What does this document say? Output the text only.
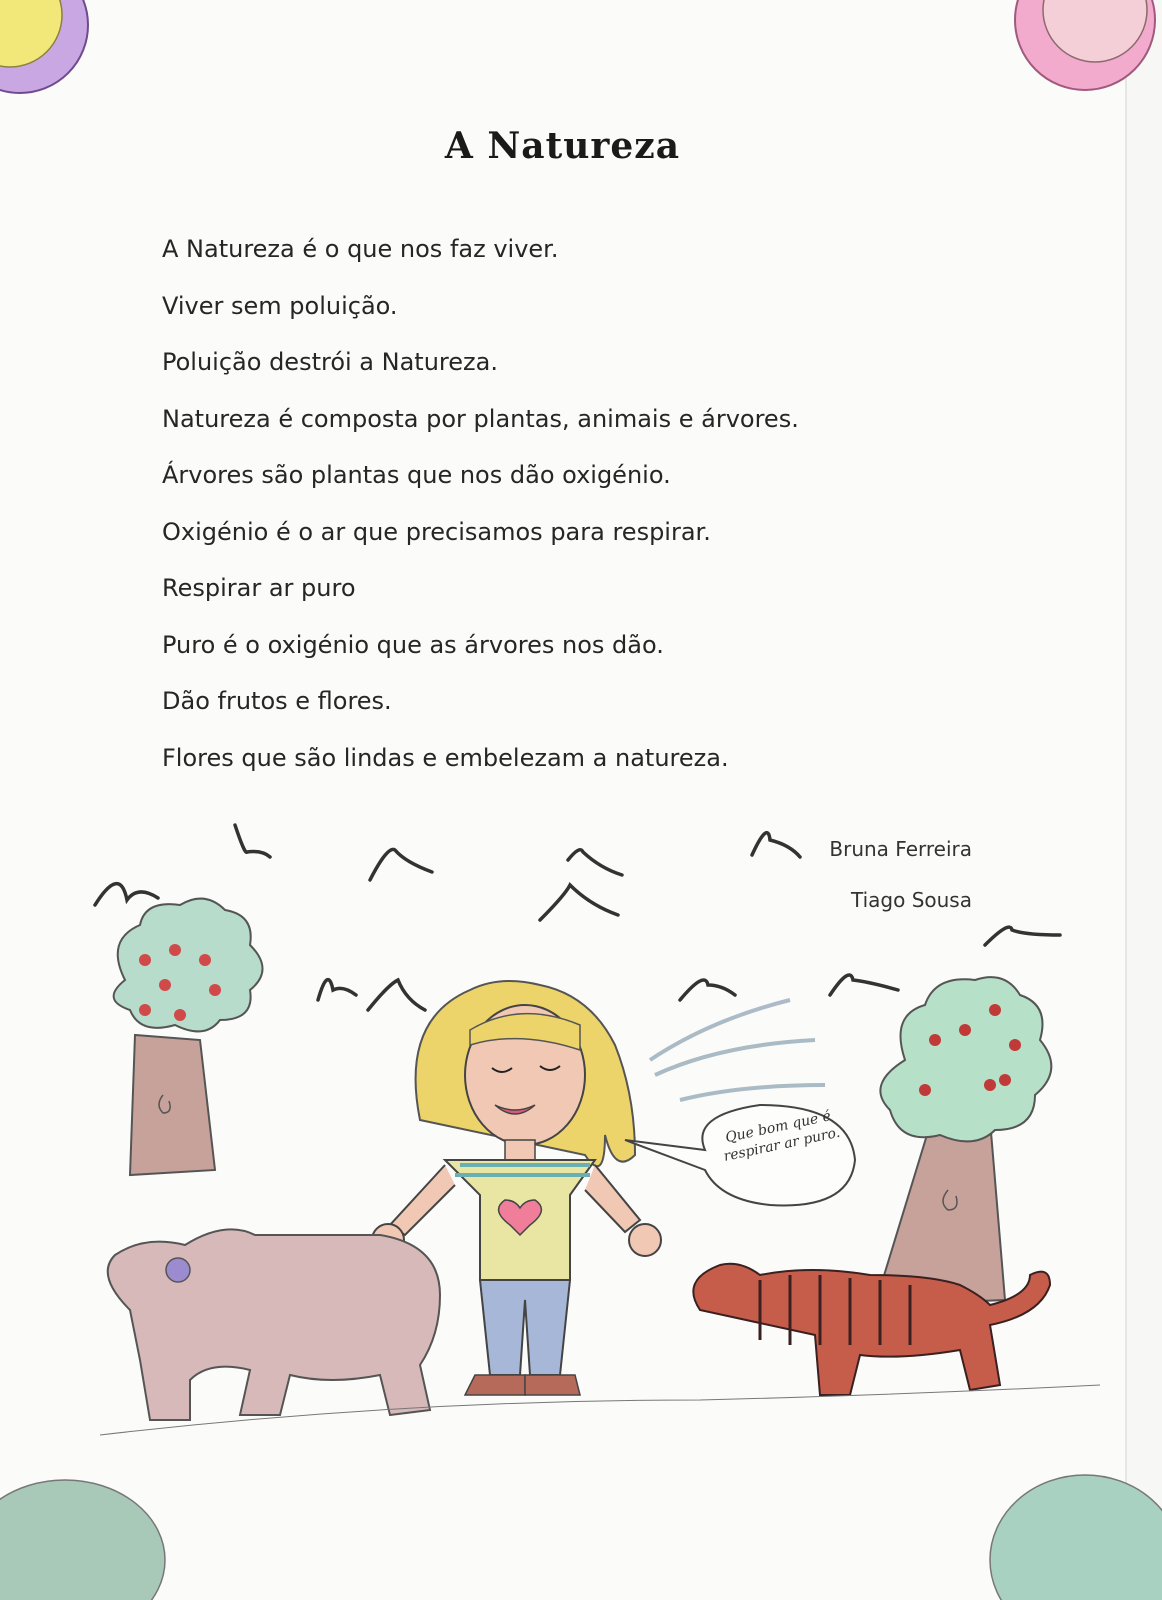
A Natureza
A Natureza é o que nos faz viver.
Viver sem poluição.
Poluição destrói a Natureza.
Natureza é composta por plantas, animais e árvores.
Árvores são plantas que nos dão oxigénio.
Oxigénio é o ar que precisamos para respirar.
Respirar ar puro
Puro é o oxigénio que as árvores nos dão.
Dão frutos e flores.
Flores que são lindas e embelezam a natureza.
Bruna Ferreira
Tiago Sousa
Que bom que é respirar ar puro.
